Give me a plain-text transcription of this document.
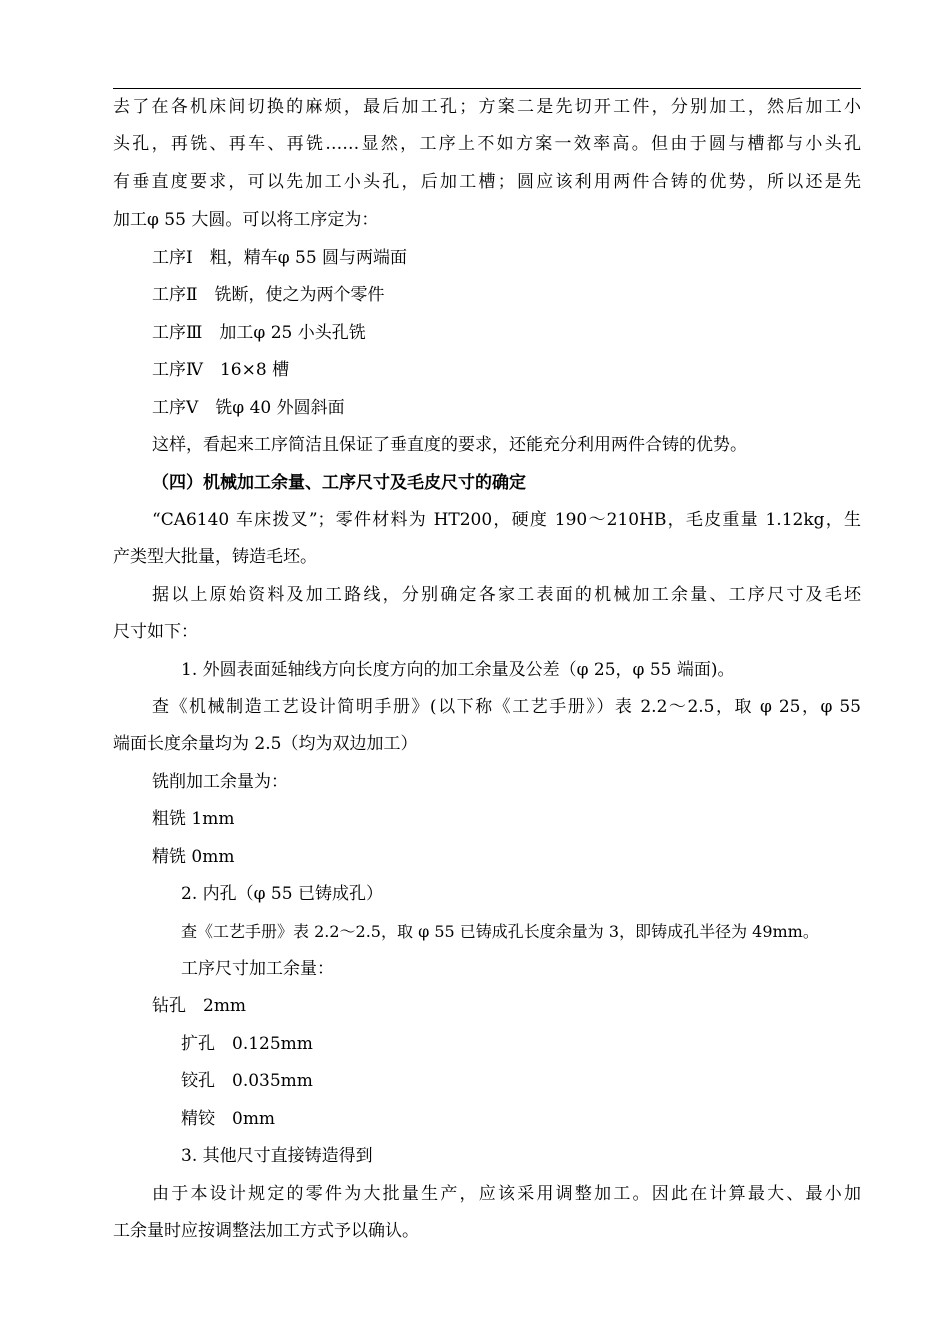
去了在各机床间切换的麻烦，最后加工孔；方案二是先切开工件，分别加工，然后加工小
头孔，再铣、再车、再铣……显然，工序上不如方案一效率高。但由于圆与槽都与小头孔
有垂直度要求，可以先加工小头孔，后加工槽；圆应该利用两件合铸的优势，所以还是先
加工φ 55 大圆。可以将工序定为：
工序Ⅰ　粗，精车φ 55 圆与两端面
工序Ⅱ　铣断，使之为两个零件
工序Ⅲ　加工φ 25 小头孔铣
工序Ⅳ　16×8 槽
工序Ⅴ　铣φ 40 外圆斜面
这样，看起来工序简洁且保证了垂直度的要求，还能充分利用两件合铸的优势。
（四）机械加工余量、工序尺寸及毛皮尺寸的确定
“CA6140 车床拨叉”；零件材料为 HT200，硬度 190～210HB，毛皮重量 1.12kg，生
产类型大批量，铸造毛坯。
据以上原始资料及加工路线，分别确定各家工表面的机械加工余量、工序尺寸及毛坯
尺寸如下：
1. 外圆表面延轴线方向长度方向的加工余量及公差（φ 25，φ 55 端面)。
查《机械制造工艺设计简明手册》(以下称《工艺手册》）表 2.2～2.5，取 φ 25，φ 55
端面长度余量均为 2.5（均为双边加工）
铣削加工余量为：
粗铣 1mm
精铣 0mm
2. 内孔（φ 55 已铸成孔）
查《工艺手册》表 2.2～2.5，取 φ 55 已铸成孔长度余量为 3，即铸成孔半径为 49mm。
工序尺寸加工余量：
钻孔　2mm
扩孔　0.125mm
铰孔　0.035mm
精铰　0mm
3. 其他尺寸直接铸造得到
由于本设计规定的零件为大批量生产，应该采用调整加工。因此在计算最大、最小加
工余量时应按调整法加工方式予以确认。
